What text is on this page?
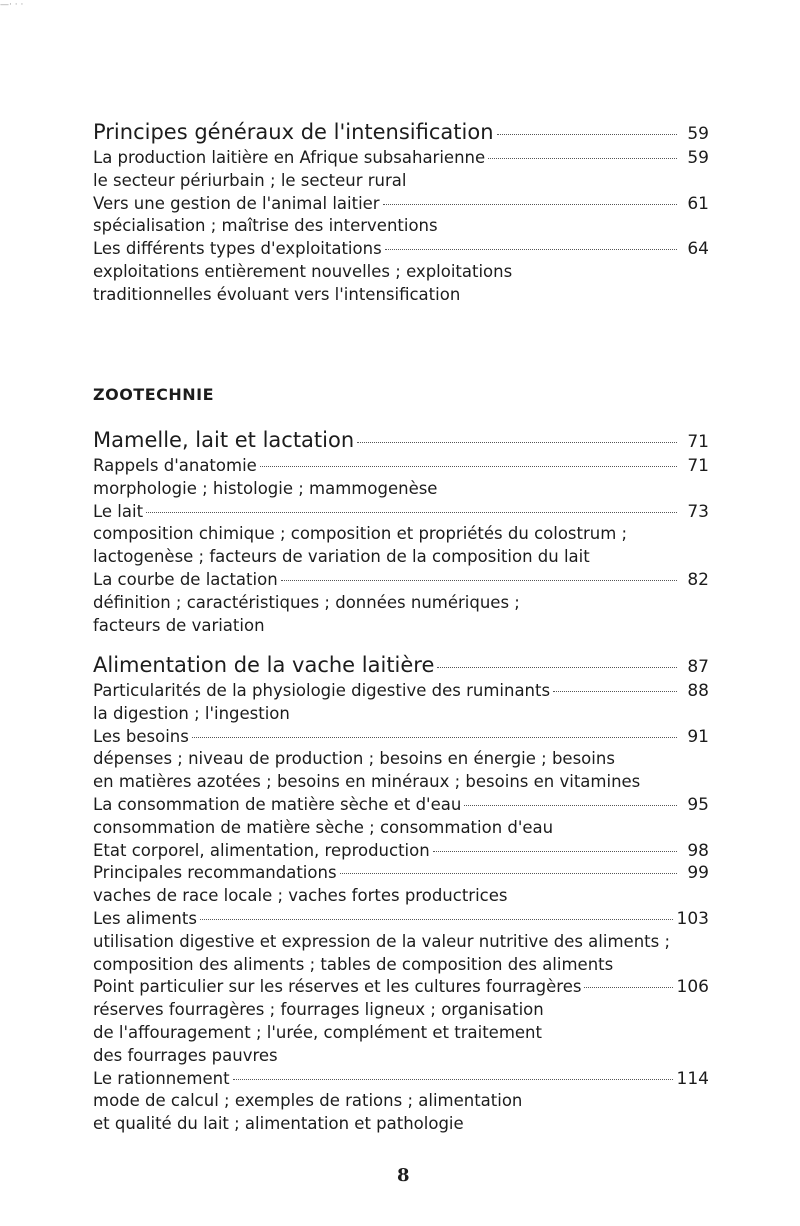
—· · ·
Principes généraux de l'intensification	59
La production laitière en Afrique subsaharienne	59
le secteur périurbain ; le secteur rural
Vers une gestion de l'animal laitier	61
spécialisation ; maîtrise des interventions
Les différents types d'exploitations	64
exploitations entièrement nouvelles ; exploitations
traditionnelles évoluant vers l'intensification
ZOOTECHNIE
Mamelle, lait et lactation	71
Rappels d'anatomie	71
morphologie ; histologie ; mammogenèse
Le lait	73
composition chimique ; composition et propriétés du colostrum ;
lactogenèse ; facteurs de variation de la composition du lait
La courbe de lactation	82
définition ; caractéristiques ; données numériques ;
facteurs de variation
Alimentation de la vache laitière	87
Particularités de la physiologie digestive des ruminants	88
la digestion ; l'ingestion
Les besoins	91
dépenses ; niveau de production ; besoins en énergie ; besoins
en matières azotées ; besoins en minéraux ; besoins en vitamines
La consommation de matière sèche et d'eau	95
consommation de matière sèche ; consommation d'eau
Etat corporel, alimentation, reproduction	98
Principales recommandations	99
vaches de race locale ; vaches fortes productrices
Les aliments	103
utilisation digestive et expression de la valeur nutritive des aliments ;
composition des aliments ; tables de composition des aliments
Point particulier sur les réserves et les cultures fourragères	106
réserves fourragères ; fourrages ligneux ; organisation
de l'affouragement ; l'urée, complément et traitement
des fourrages pauvres
Le rationnement	114
mode de calcul ; exemples de rations ; alimentation
et qualité du lait ; alimentation et pathologie
8
